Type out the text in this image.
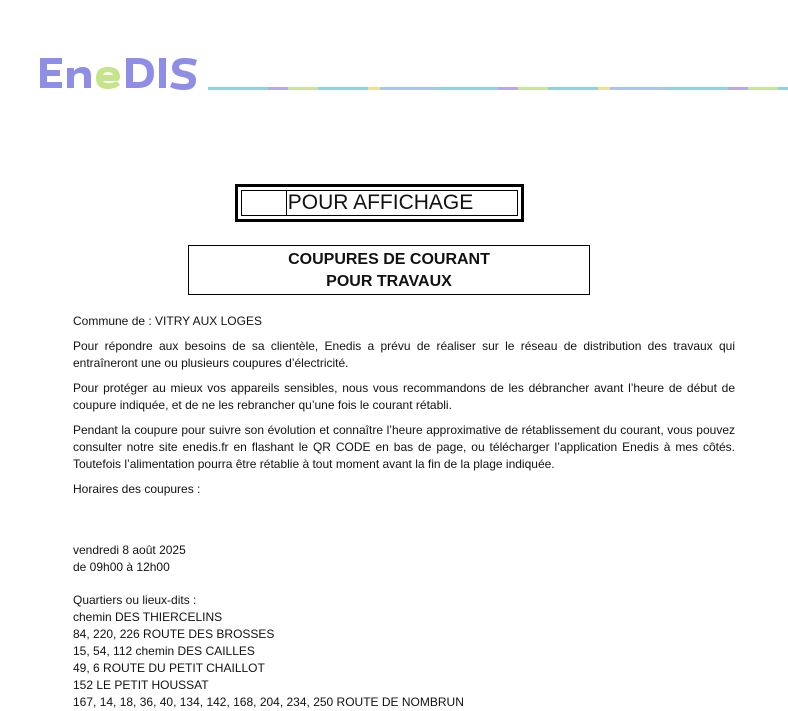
POUR AFFICHAGE
COUPURES DE COURANT
POUR TRAVAUX

Commune de : VITRY AUX LOGES

Pour répondre aux besoins de sa clientèle, Enedis a prévu de réaliser sur le réseau de distribution des travaux qui entraîneront une ou plusieurs coupures d’électricité.

Pour protéger au mieux vos appareils sensibles, nous vous recommandons de les débrancher avant l’heure de début de coupure indiquée, et de ne les rebrancher qu’une fois le courant rétabli.

Pendant la coupure pour suivre son évolution et connaître l’heure approximative de rétablissement du courant, vous pouvez consulter notre site enedis.fr en flashant le QR CODE en bas de page, ou télécharger l’application Enedis à mes côtés. Toutefois l’alimentation pourra être rétablie à tout moment avant la fin de la plage indiquée.

Horaires des coupures :

vendredi 8 août 2025
de 09h00 à 12h00
Quartiers ou lieux-dits :
chemin DES THIERCELINS
84, 220, 226 ROUTE DES BROSSES
15, 54, 112 chemin DES CAILLES
49, 6 ROUTE DU PETIT CHAILLOT
152 LE PETIT HOUSSAT
167, 14, 18, 36, 40, 134, 142, 168, 204, 234, 250 ROUTE DE NOMBRUN
